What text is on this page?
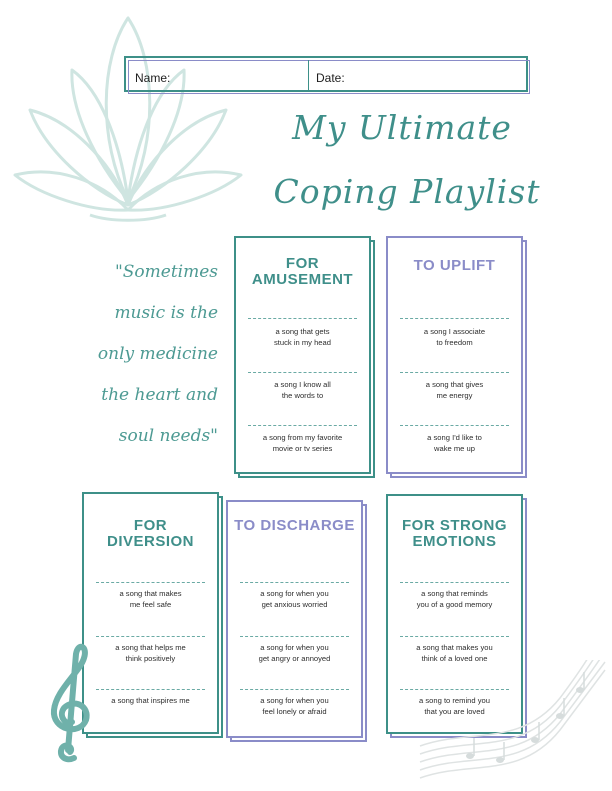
Name:	Date:
My Ultimate
Coping Playlist
"Sometimes
music is the
only medicine
the heart and
soul needs"
FOR
AMUSEMENT
a song that gets
stuck in my head
a song I know all
the words to
a song from my favorite
movie or tv series
TO UPLIFT
a song I associate
to freedom
a song that gives
me energy
a song I'd like to
wake me up
FOR
DIVERSION
a song that makes
me feel safe
a song that helps me
think positively
a song that inspires me
TO DISCHARGE
a song for when you
get anxious worried
a song for when you
get angry or annoyed
a song for when you
feel lonely or afraid
FOR STRONG
EMOTIONS
a song that reminds
you of a good memory
a song that makes you
think of a loved one
a song to remind you
that you are loved
